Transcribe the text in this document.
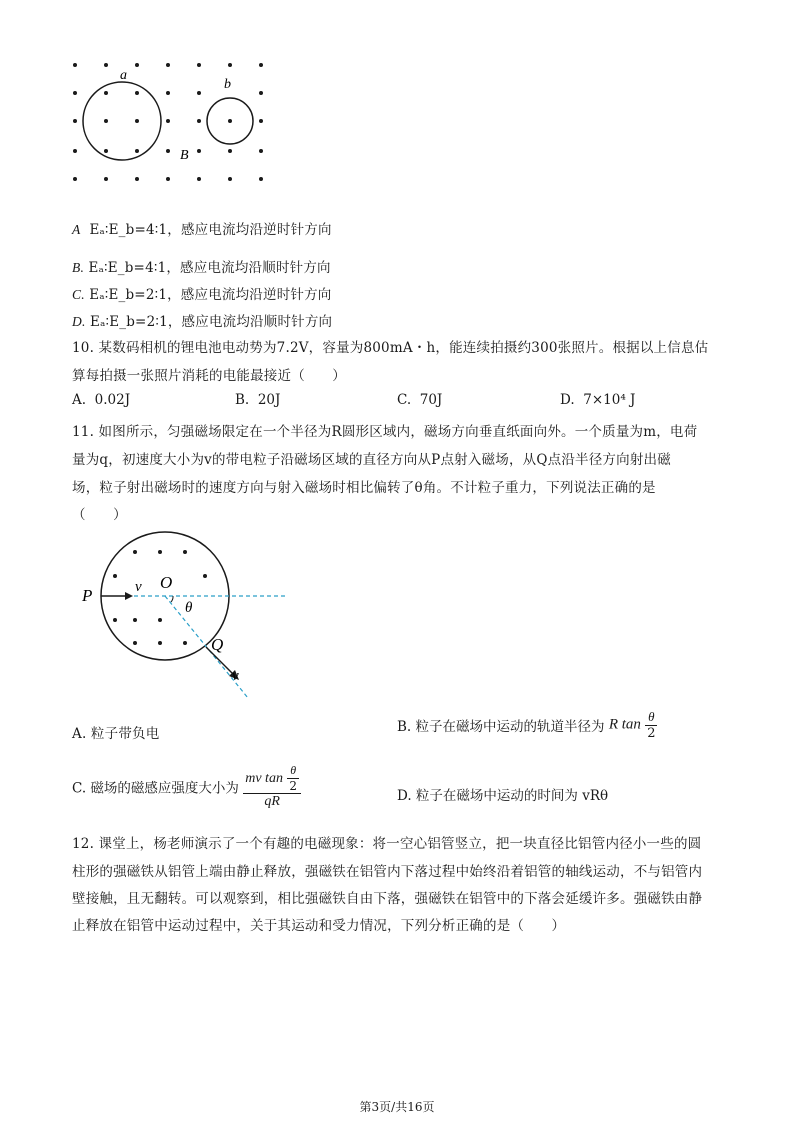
a
b
B
A Eₐ∶E_b=4∶1，感应电流均沿逆时针方向
B. Eₐ∶E_b=4∶1，感应电流均沿顺时针方向
C. Eₐ∶E_b=2∶1，感应电流均沿逆时针方向
D. Eₐ∶E_b=2∶1，感应电流均沿顺时针方向
10. 某数码相机的锂电池电动势为7.2V，容量为800mA・h，能连续拍摄约300张照片。根据以上信息估
算每拍摄一张照片消耗的电能最接近（　　）
A. 0.02J	B. 20J	C. 70J	D. 7×10⁴ J
11. 如图所示，匀强磁场限定在一个半径为R圆形区域内，磁场方向垂直纸面向外。一个质量为m，电荷
量为q，初速度大小为v的带电粒子沿磁场区域的直径方向从P点射入磁场，从Q点沿半径方向射出磁
场，粒子射出磁场时的速度方向与射入磁场时相比偏转了θ角。不计粒子重力，下列说法正确的是
（　　）
P	v O
θ
Q
v
A. 粒子带负电	B. 粒子在磁场中运动的轨道半径为 R $\tan \frac{\theta}{2}$
C. 磁场的磁感应强度大小为 $\frac{mv \tan \frac{\theta}{2}}{qR}$	D. 粒子在磁场中运动的时间为 vRθ
12. 课堂上，杨老师演示了一个有趣的电磁现象：将一空心铝管竖立，把一块直径比铝管内径小一些的圆
柱形的强磁铁从铝管上端由静止释放，强磁铁在铝管内下落过程中始终沿着铝管的轴线运动，不与铝管内
壁接触，且无翻转。可以观察到，相比强磁铁自由下落，强磁铁在铝管中的下落会延缓许多。强磁铁由静
止释放在铝管中运动过程中，关于其运动和受力情况，下列分析正确的是（　　）
第3页/共16页
